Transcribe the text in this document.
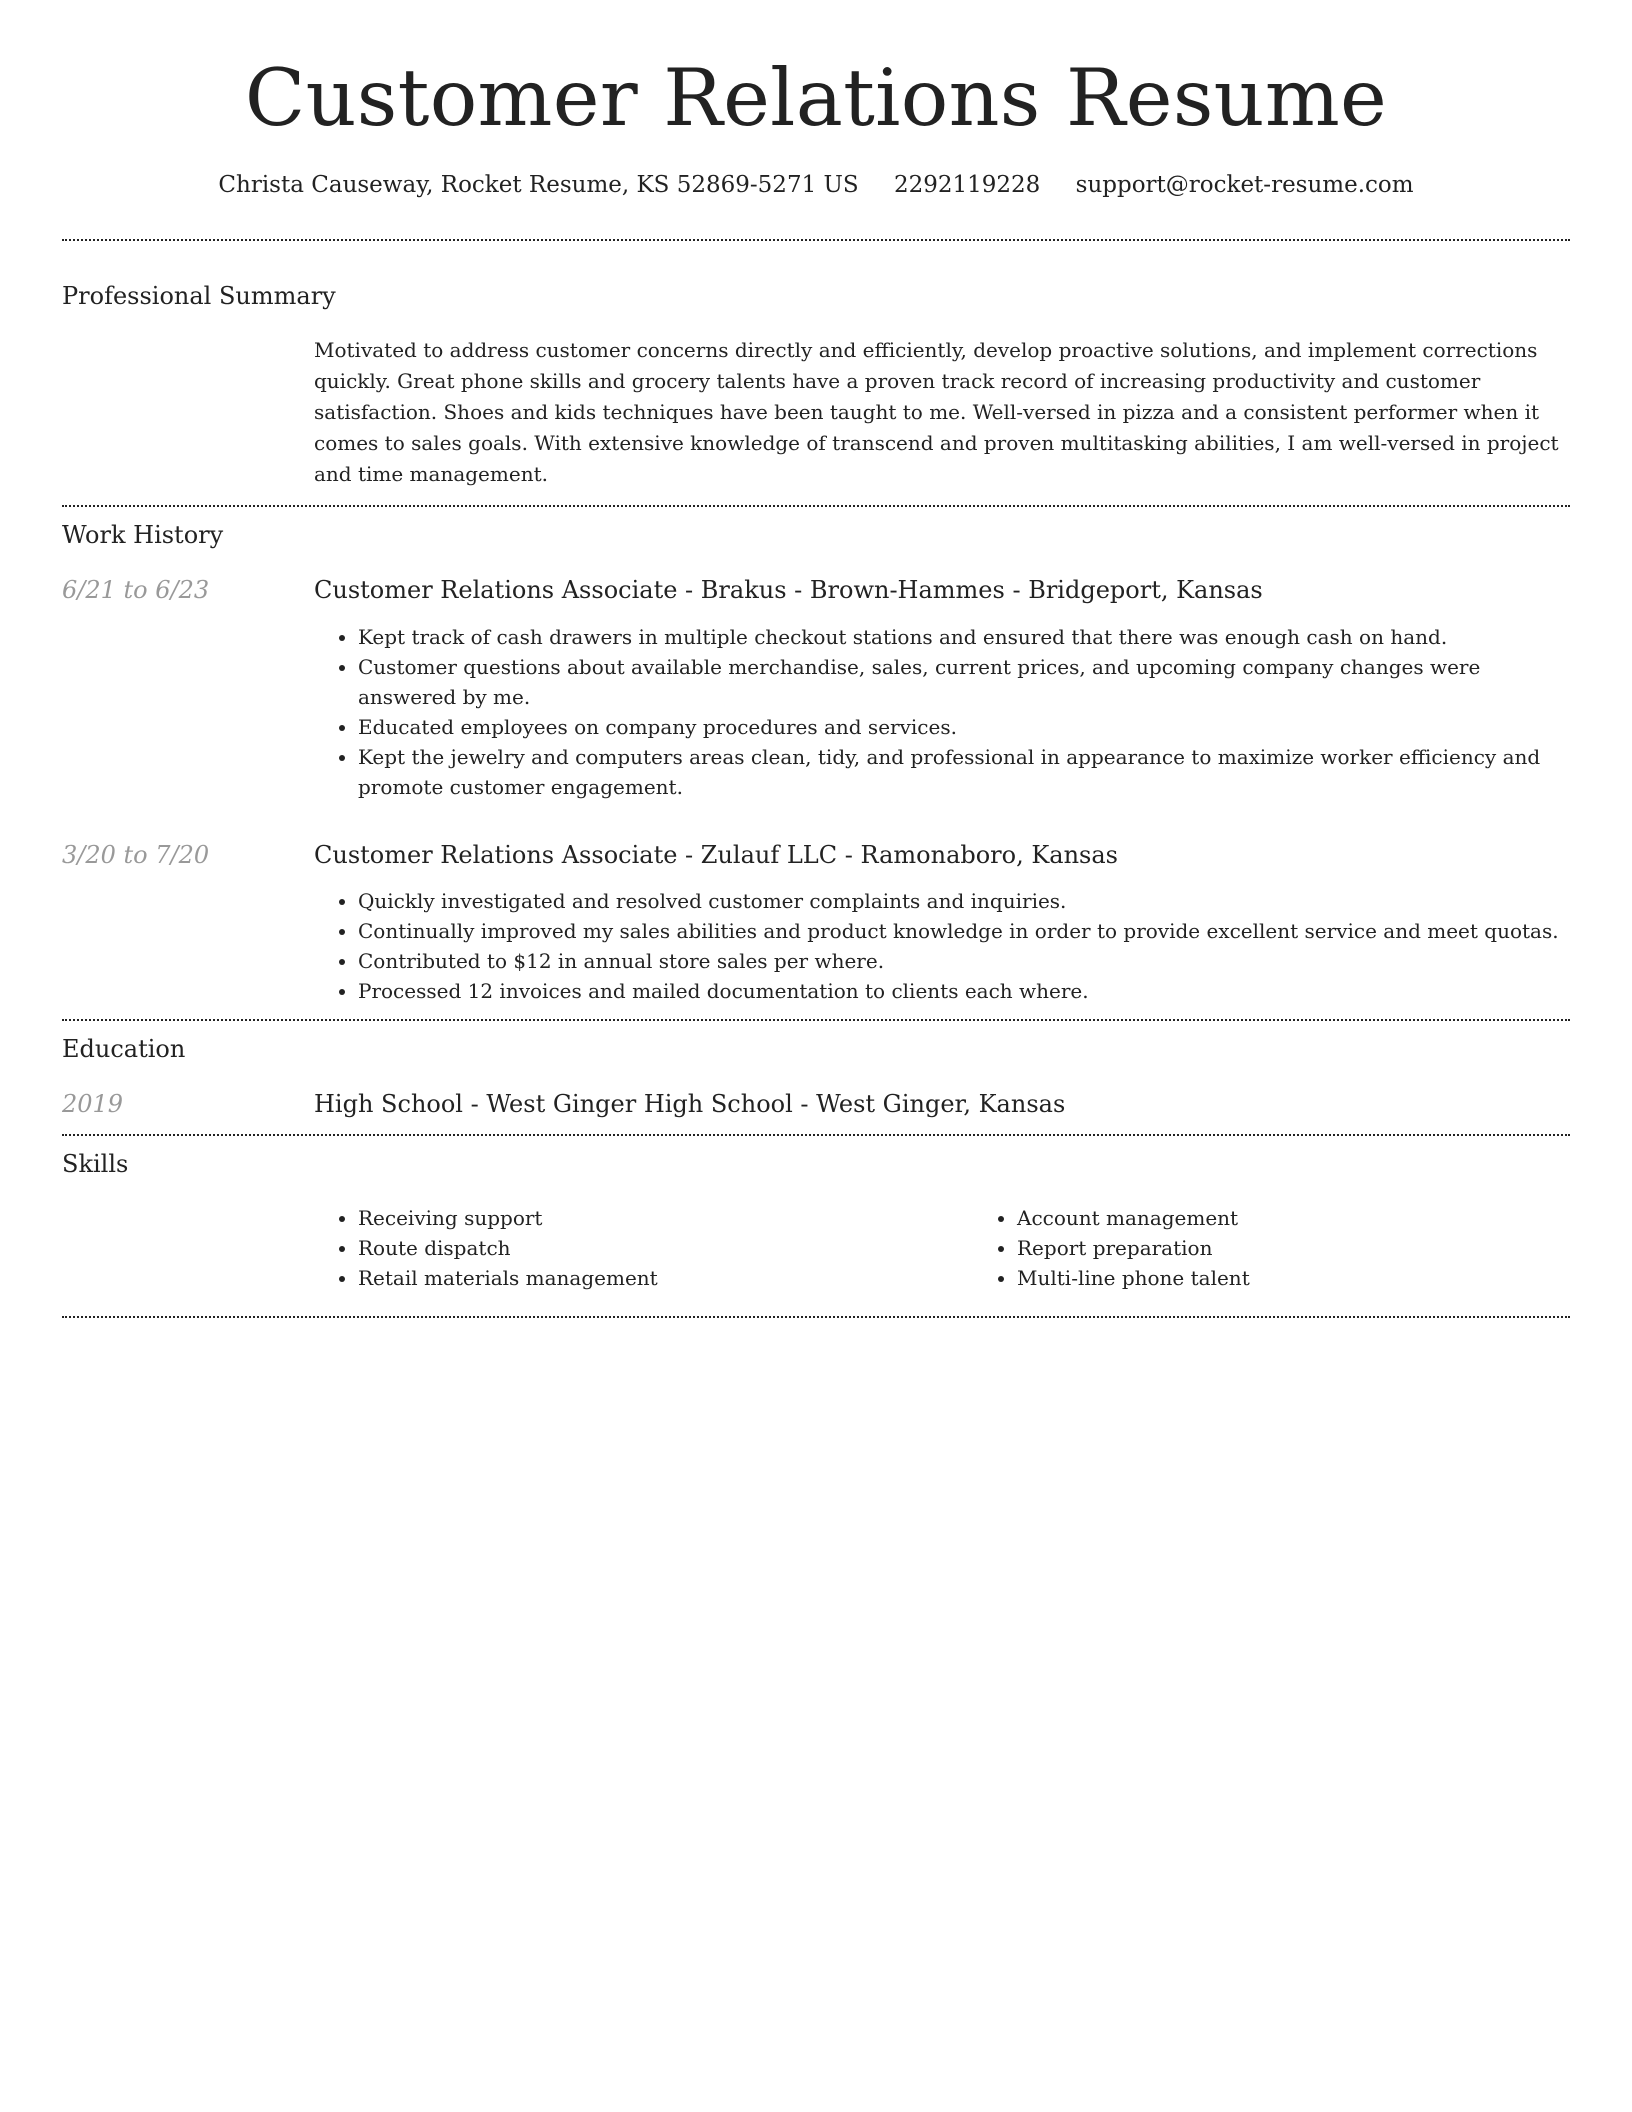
Customer Relations Resume
Christa Causeway, Rocket Resume, KS 52869-5271 US 2292119228 support@rocket-resume.com
Professional Summary

Motivated to address customer concerns directly and efficiently, develop proactive solutions, and implement corrections quickly. Great phone skills and grocery talents have a proven track record of increasing productivity and customer satisfaction. Shoes and kids techniques have been taught to me. Well-versed in pizza and a consistent performer when it comes to sales goals. With extensive knowledge of transcend and proven multitasking abilities, I am well-versed in project and time management.

Work History
6/21 to 6/23	Customer Relations Associate - Brakus - Brown-Hammes - Bridgeport, Kansas
• Kept track of cash drawers in multiple checkout stations and ensured that there was enough cash on hand.
• Customer questions about available merchandise, sales, current prices, and upcoming company changes were answered by me.
• Educated employees on company procedures and services.
• Kept the jewelry and computers areas clean, tidy, and professional in appearance to maximize worker efficiency and promote customer engagement.
3/20 to 7/20	Customer Relations Associate - Zulauf LLC - Ramonaboro, Kansas
• Quickly investigated and resolved customer complaints and inquiries.
• Continually improved my sales abilities and product knowledge in order to provide excellent service and meet quotas.
• Contributed to $12 in annual store sales per where.
• Processed 12 invoices and mailed documentation to clients each where.
Education
2019	High School - West Ginger High School - West Ginger, Kansas
Skills
• Receiving support
• Route dispatch
• Retail materials management
• Account management
• Report preparation
• Multi-line phone talent
